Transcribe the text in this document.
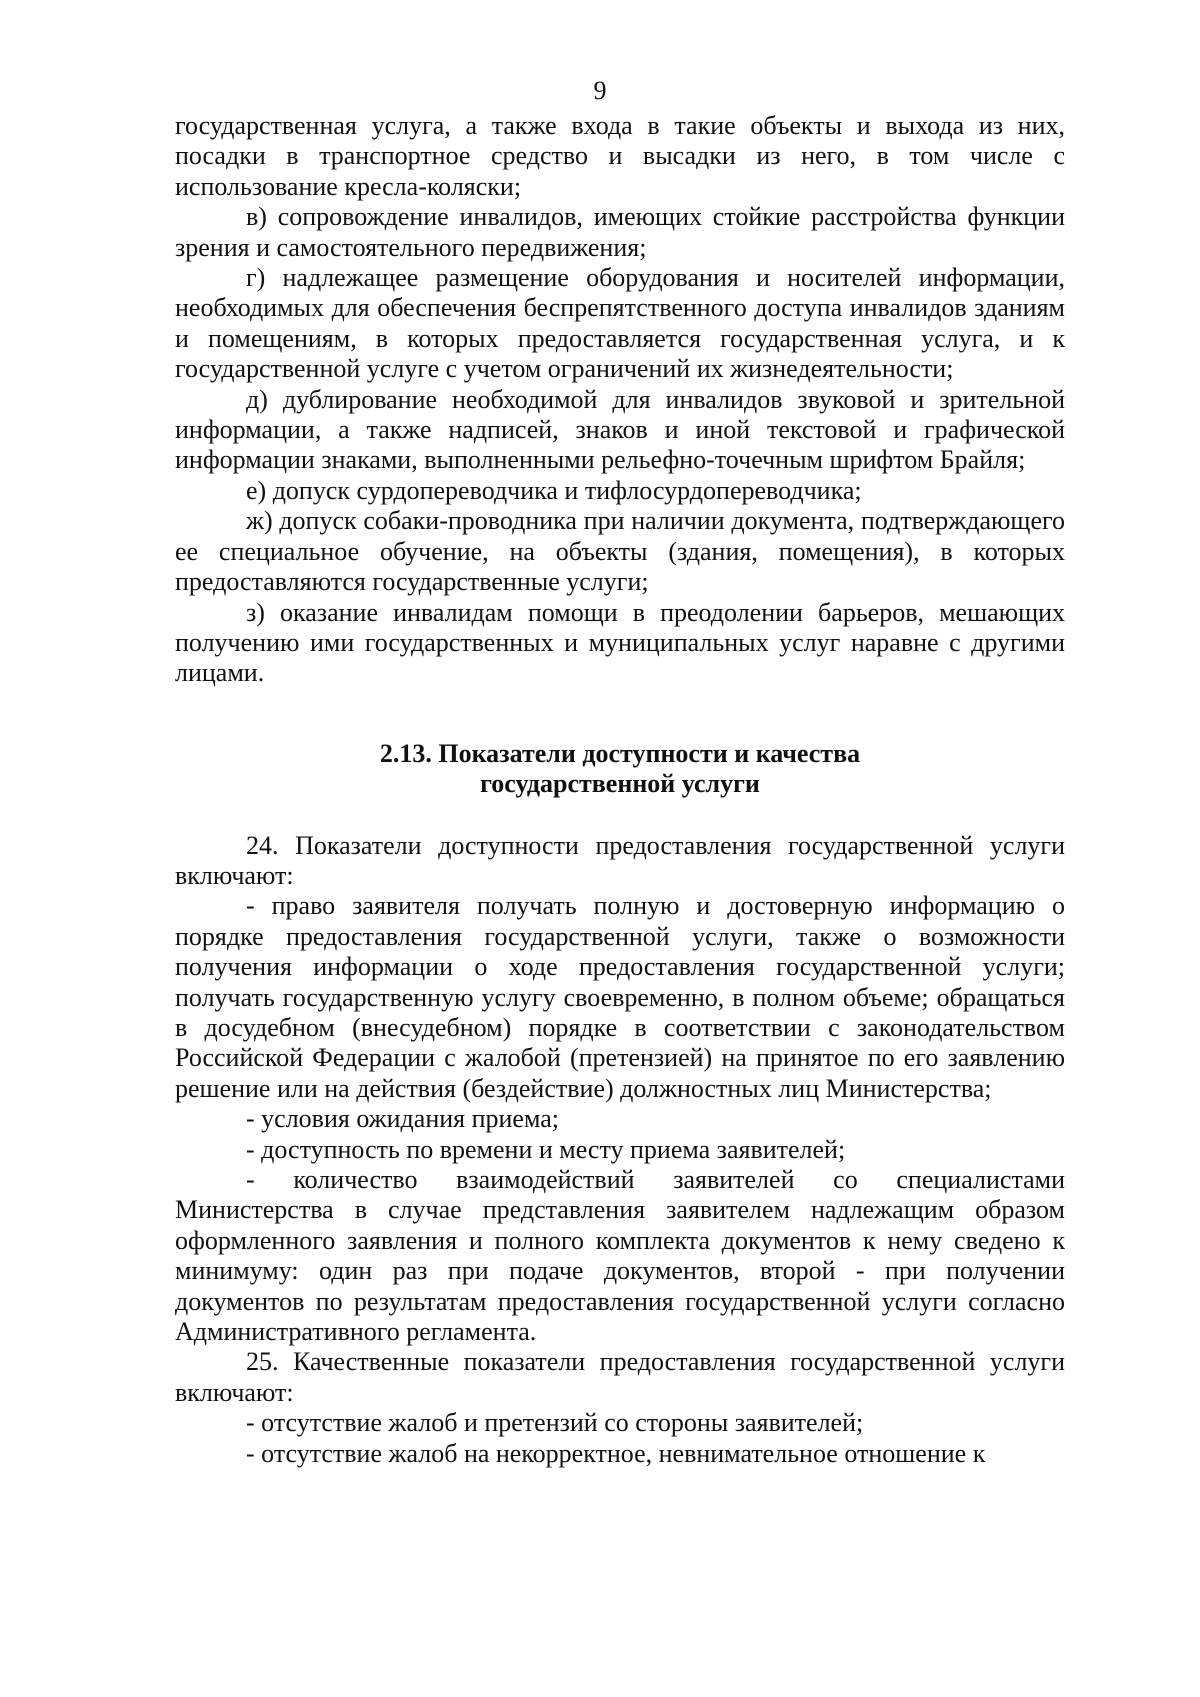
9

государственная услуга, а также входа в такие объекты и выхода из них, посадки в транспортное средство и высадки из него, в том числе с использование кресла-коляски;

в) сопровождение инвалидов, имеющих стойкие расстройства функции зрения и самостоятельного передвижения;

г) надлежащее размещение оборудования и носителей информации, необходимых для обеспечения беспрепятственного доступа инвалидов зданиям и помещениям, в которых предоставляется государственная услуга, и к государственной услуге с учетом ограничений их жизнедеятельности;

д) дублирование необходимой для инвалидов звуковой и зрительной информации, а также надписей, знаков и иной текстовой и графической информации знаками, выполненными рельефно-точечным шрифтом Брайля;

е) допуск сурдопереводчика и тифлосурдопереводчика;

ж) допуск собаки-проводника при наличии документа, подтверждающего ее специальное обучение, на объекты (здания, помещения), в которых предоставляются государственные услуги;

з) оказание инвалидам помощи в преодолении барьеров, мешающих получению ими государственных и муниципальных услуг наравне с другими лицами.

2.13. Показатели доступности и качества
государственной услуги

24. Показатели доступности предоставления государственной услуги включают:

- право заявителя получать полную и достоверную информацию о порядке предоставления государственной услуги, также о возможности получения информации о ходе предоставления государственной услуги; получать государственную услугу своевременно, в полном объеме; обращаться в досудебном (внесудебном) порядке в соответствии с законодательством Российской Федерации с жалобой (претензией) на принятое по его заявлению решение или на действия (бездействие) должностных лиц Министерства;

- условия ожидания приема;

- доступность по времени и месту приема заявителей;

- количество взаимодействий заявителей со специалистами Министерства в случае представления заявителем надлежащим образом оформленного заявления и полного комплекта документов к нему сведено к минимуму: один раз при подаче документов, второй - при получении документов по результатам предоставления государственной услуги согласно Административного регламента.

25. Качественные показатели предоставления государственной услуги включают:

- отсутствие жалоб и претензий со стороны заявителей;

- отсутствие жалоб на некорректное, невнимательное отношение к
